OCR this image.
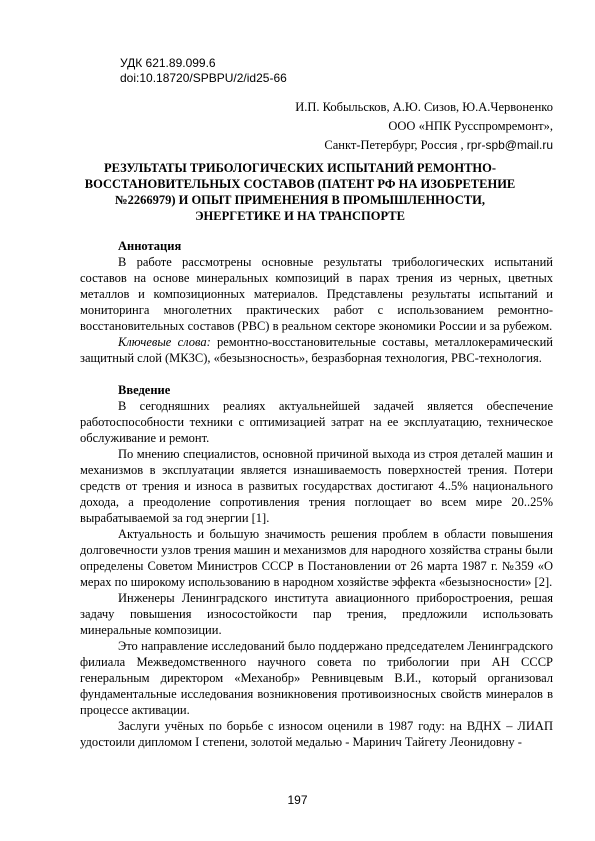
УДК 621.89.099.6
doi:10.18720/SPBPU/2/id25-66
И.П. Кобыльсков, А.Ю. Сизов, Ю.А.Червоненко
ООО «НПК Русспромремонт»,
Санкт-Петербург, Россия , rpr-spb@mail.ru
РЕЗУЛЬТАТЫ ТРИБОЛОГИЧЕСКИХ ИСПЫТАНИЙ РЕМОНТНО-ВОССТАНОВИТЕЛЬНЫХ СОСТАВОВ (ПАТЕНТ РФ НА ИЗОБРЕТЕНИЕ №2266979) И ОПЫТ ПРИМЕНЕНИЯ В ПРОМЫШЛЕННОСТИ, ЭНЕРГЕТИКЕ И НА ТРАНСПОРТЕ
Аннотация

В работе рассмотрены основные результаты трибологических испытаний составов на основе минеральных композиций в парах трения из черных, цветных металлов и композиционных материалов. Представлены результаты испытаний и мониторинга многолетних практических работ с использованием ремонтно-восстановительных составов (РВС) в реальном секторе экономики России и за рубежом.

Ключевые слова: ремонтно-восстановительные составы, металлокерамический защитный слой (МКЗС), «безызносность», безразборная технология, РВС-технология.

Введение

В сегодняшних реалиях актуальнейшей задачей является обеспечение работоспособности техники с оптимизацией затрат на ее эксплуатацию, техническое обслуживание и ремонт.

По мнению специалистов, основной причиной выхода из строя деталей машин и механизмов в эксплуатации является изнашиваемость поверхностей трения. Потери средств от трения и износа в развитых государствах достигают 4..5% национального дохода, а преодоление сопротивления трения поглощает во всем мире 20..25% вырабатываемой за год энергии [1].

Актуальность и большую значимость решения проблем в области повышения долговечности узлов трения машин и механизмов для народного хозяйства страны были определены Советом Министров СССР в Постановлении от 26 марта 1987 г. №359 «О мерах по широкому использованию в народном хозяйстве эффекта «безызносности» [2].

Инженеры Ленинградского института авиационного приборостроения, решая задачу повышения износостойкости пар трения, предложили использовать минеральные композиции.

Это направление исследований было поддержано председателем Ленинградского филиала Межведомственного научного совета по трибологии при АН СССР генеральным директором «Механобр» Ревнивцевым В.И., который организовал фундаментальные исследования возникновения противоизносных свойств минералов в процессе активации.

Заслуги учёных по борьбе с износом оценили в 1987 году: на ВДНХ – ЛИАП удостоили дипломом I степени, золотой медалью - Маринич Тайгету Леонидовну -

197
